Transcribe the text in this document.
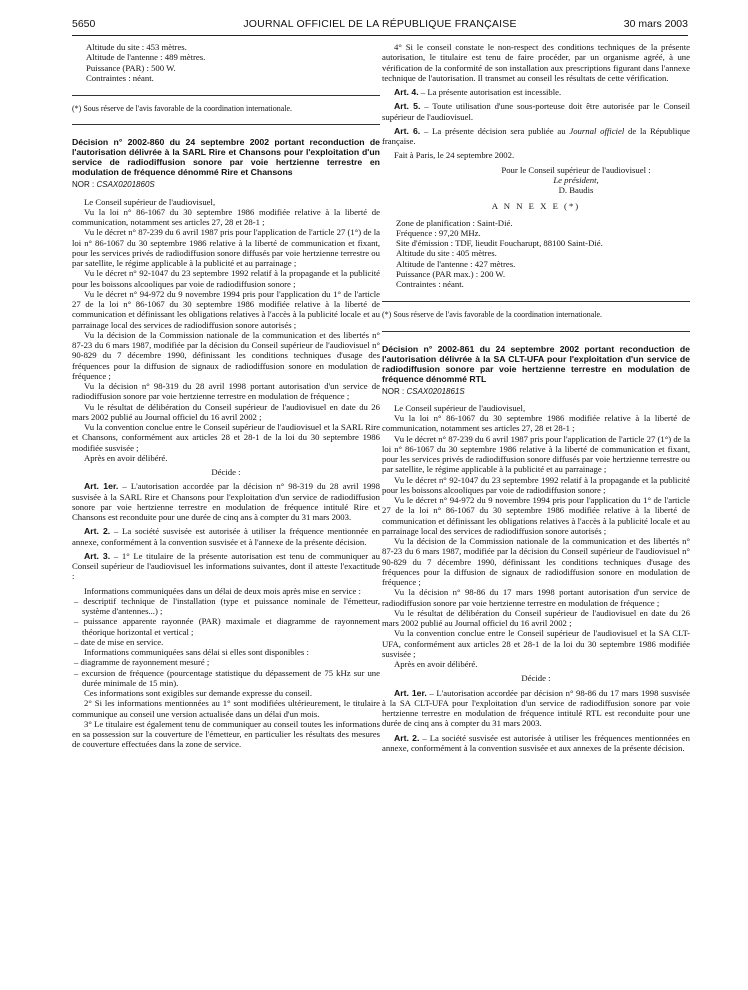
5650	JOURNAL OFFICIEL DE LA RÉPUBLIQUE FRANÇAISE	30 mars 2003
Altitude du site : 453 mètres.
Altitude de l'antenne : 489 mètres.
Puissance (PAR) : 500 W.
Contraintes : néant.

(*) Sous réserve de l'avis favorable de la coordination internationale.

Décision n° 2002-860 du 24 septembre 2002 portant reconduction de l'autorisation délivrée à la SARL Rire et Chansons pour l'exploitation d'un service de radiodiffusion sonore par voie hertzienne terrestre en modulation de fréquence dénommé Rire et Chansons

NOR : CSAX0201860S

Le Conseil supérieur de l'audiovisuel,

Vu la loi n° 86-1067 du 30 septembre 1986 modifiée relative à la liberté de communication, notamment ses articles 27, 28 et 28-1 ;

Vu le décret n° 87-239 du 6 avril 1987 pris pour l'application de l'article 27 (1°) de la loi n° 86-1067 du 30 septembre 1986 relative à la liberté de communication et fixant, pour les services privés de radiodiffusion sonore diffusés par voie hertzienne terrestre ou par satellite, le régime applicable à la publicité et au parrainage ;

Vu le décret n° 92-1047 du 23 septembre 1992 relatif à la propagande et la publicité pour les boissons alcooliques par voie de radiodiffusion sonore ;

Vu le décret n° 94-972 du 9 novembre 1994 pris pour l'application du 1° de l'article 27 de la loi n° 86-1067 du 30 septembre 1986 modifiée relative à la liberté de communication et définissant les obligations relatives à l'accès à la publicité locale et au parrainage local des services de radiodiffusion sonore autorisés ;

Vu la décision de la Commission nationale de la communication et des libertés n° 87-23 du 6 mars 1987, modifiée par la décision du Conseil supérieur de l'audiovisuel n° 90-829 du 7 décembre 1990, définissant les conditions techniques d'usage des fréquences pour la diffusion de signaux de radiodiffusion sonore en modulation de fréquence ;

Vu la décision n° 98-319 du 28 avril 1998 portant autorisation d'un service de radiodiffusion sonore par voie hertzienne terrestre en modulation de fréquence ;

Vu le résultat de délibération du Conseil supérieur de l'audiovisuel en date du 26 mars 2002 publié au Journal officiel du 16 avril 2002 ;

Vu la convention conclue entre le Conseil supérieur de l'audiovisuel et la SARL Rire et Chansons, conformément aux articles 28 et 28-1 de la loi du 30 septembre 1986 modifiée susvisée ;

Après en avoir délibéré.

Décide :

Art. 1er. – L'autorisation accordée par la décision n° 98-319 du 28 avril 1998 susvisée à la SARL Rire et Chansons pour l'exploitation d'un service de radiodiffusion sonore par voie hertzienne terrestre en modulation de fréquence intitulé Rire et Chansons est reconduite pour une durée de cinq ans à compter du 31 mars 2003.

Art. 2. – La société susvisée est autorisée à utiliser la fréquence mentionnée en annexe, conformément à la convention susvisée et à l'annexe de la présente décision.

Art. 3. – 1° Le titulaire de la présente autorisation est tenu de communiquer au Conseil supérieur de l'audiovisuel les informations suivantes, dont il atteste l'exactitude :

Informations communiquées dans un délai de deux mois après mise en service :

– descriptif technique de l'installation (type et puissance nominale de l'émetteur, système d'antennes...) ;

– puissance apparente rayonnée (PAR) maximale et diagramme de rayonnement théorique horizontal et vertical ;

– date de mise en service.

Informations communiquées sans délai si elles sont disponibles :

– diagramme de rayonnement mesuré ;

– excursion de fréquence (pourcentage statistique du dépassement de 75 kHz sur une durée minimale de 15 min).

Ces informations sont exigibles sur demande expresse du conseil.

2° Si les informations mentionnées au 1° sont modifiées ultérieurement, le titulaire communique au conseil une version actualisée dans un délai d'un mois.

3° Le titulaire est également tenu de communiquer au conseil toutes les informations en sa possession sur la couverture de l'émetteur, en particulier les résultats des mesures de couverture effectuées dans la zone de service.

4° Si le conseil constate le non-respect des conditions techniques de la présente autorisation, le titulaire est tenu de faire procéder, par un organisme agréé, à une vérification de la conformité de son installation aux prescriptions figurant dans l'annexe technique de l'autorisation. Il transmet au conseil les résultats de cette vérification.

Art. 4. – La présente autorisation est incessible.

Art. 5. – Toute utilisation d'une sous-porteuse doit être autorisée par le Conseil supérieur de l'audiovisuel.

Art. 6. – La présente décision sera publiée au Journal officiel de la République française.

Fait à Paris, le 24 septembre 2002.

Pour le Conseil supérieur de l'audiovisuel :

Le président,

D. Baudis

A N N E X E (*)

Zone de planification : Saint-Dié.
Fréquence : 97,20 MHz.
Site d'émission : TDF, lieudit Foucharupt, 88100 Saint-Dié.
Altitude du site : 405 mètres.
Altitude de l'antenne : 427 mètres.
Puissance (PAR max.) : 200 W.
Contraintes : néant.

(*) Sous réserve de l'avis favorable de la coordination internationale.

Décision n° 2002-861 du 24 septembre 2002 portant reconduction de l'autorisation délivrée à la SA CLT-UFA pour l'exploitation d'un service de radiodiffusion sonore par voie hertzienne terrestre en modulation de fréquence dénommé RTL

NOR : CSAX0201861S

Le Conseil supérieur de l'audiovisuel,

Vu la loi n° 86-1067 du 30 septembre 1986 modifiée relative à la liberté de communication, notamment ses articles 27, 28 et 28-1 ;

Vu le décret n° 87-239 du 6 avril 1987 pris pour l'application de l'article 27 (1°) de la loi n° 86-1067 du 30 septembre 1986 relative à la liberté de communication et fixant, pour les services privés de radiodiffusion sonore diffusés par voie hertzienne terrestre ou par satellite, le régime applicable à la publicité et au parrainage ;

Vu le décret n° 92-1047 du 23 septembre 1992 relatif à la propagande et la publicité pour les boissons alcooliques par voie de radiodiffusion sonore ;

Vu le décret n° 94-972 du 9 novembre 1994 pris pour l'application du 1° de l'article 27 de la loi n° 86-1067 du 30 septembre 1986 modifiée relative à la liberté de communication et définissant les obligations relatives à l'accès à la publicité locale et au parrainage local des services de radiodiffusion sonore autorisés ;

Vu la décision de la Commission nationale de la communication et des libertés n° 87-23 du 6 mars 1987, modifiée par la décision du Conseil supérieur de l'audiovisuel n° 90-829 du 7 décembre 1990, définissant les conditions techniques d'usage des fréquences pour la diffusion de signaux de radiodiffusion sonore en modulation de fréquence ;

Vu la décision n° 98-86 du 17 mars 1998 portant autorisation d'un service de radiodiffusion sonore par voie hertzienne terrestre en modulation de fréquence ;

Vu le résultat de délibération du Conseil supérieur de l'audiovisuel en date du 26 mars 2002 publié au Journal officiel du 16 avril 2002 ;

Vu la convention conclue entre le Conseil supérieur de l'audiovisuel et la SA CLT-UFA, conformément aux articles 28 et 28-1 de la loi du 30 septembre 1986 modifiée susvisée ;

Après en avoir délibéré.

Décide :

Art. 1er. – L'autorisation accordée par décision n° 98-86 du 17 mars 1998 susvisée à la SA CLT-UFA pour l'exploitation d'un service de radiodiffusion sonore par voie hertzienne terrestre en modulation de fréquence intitulé RTL est reconduite pour une durée de cinq ans à compter du 31 mars 2003.

Art. 2. – La société susvisée est autorisée à utiliser les fréquences mentionnées en annexe, conformément à la convention susvisée et aux annexes de la présente décision.
